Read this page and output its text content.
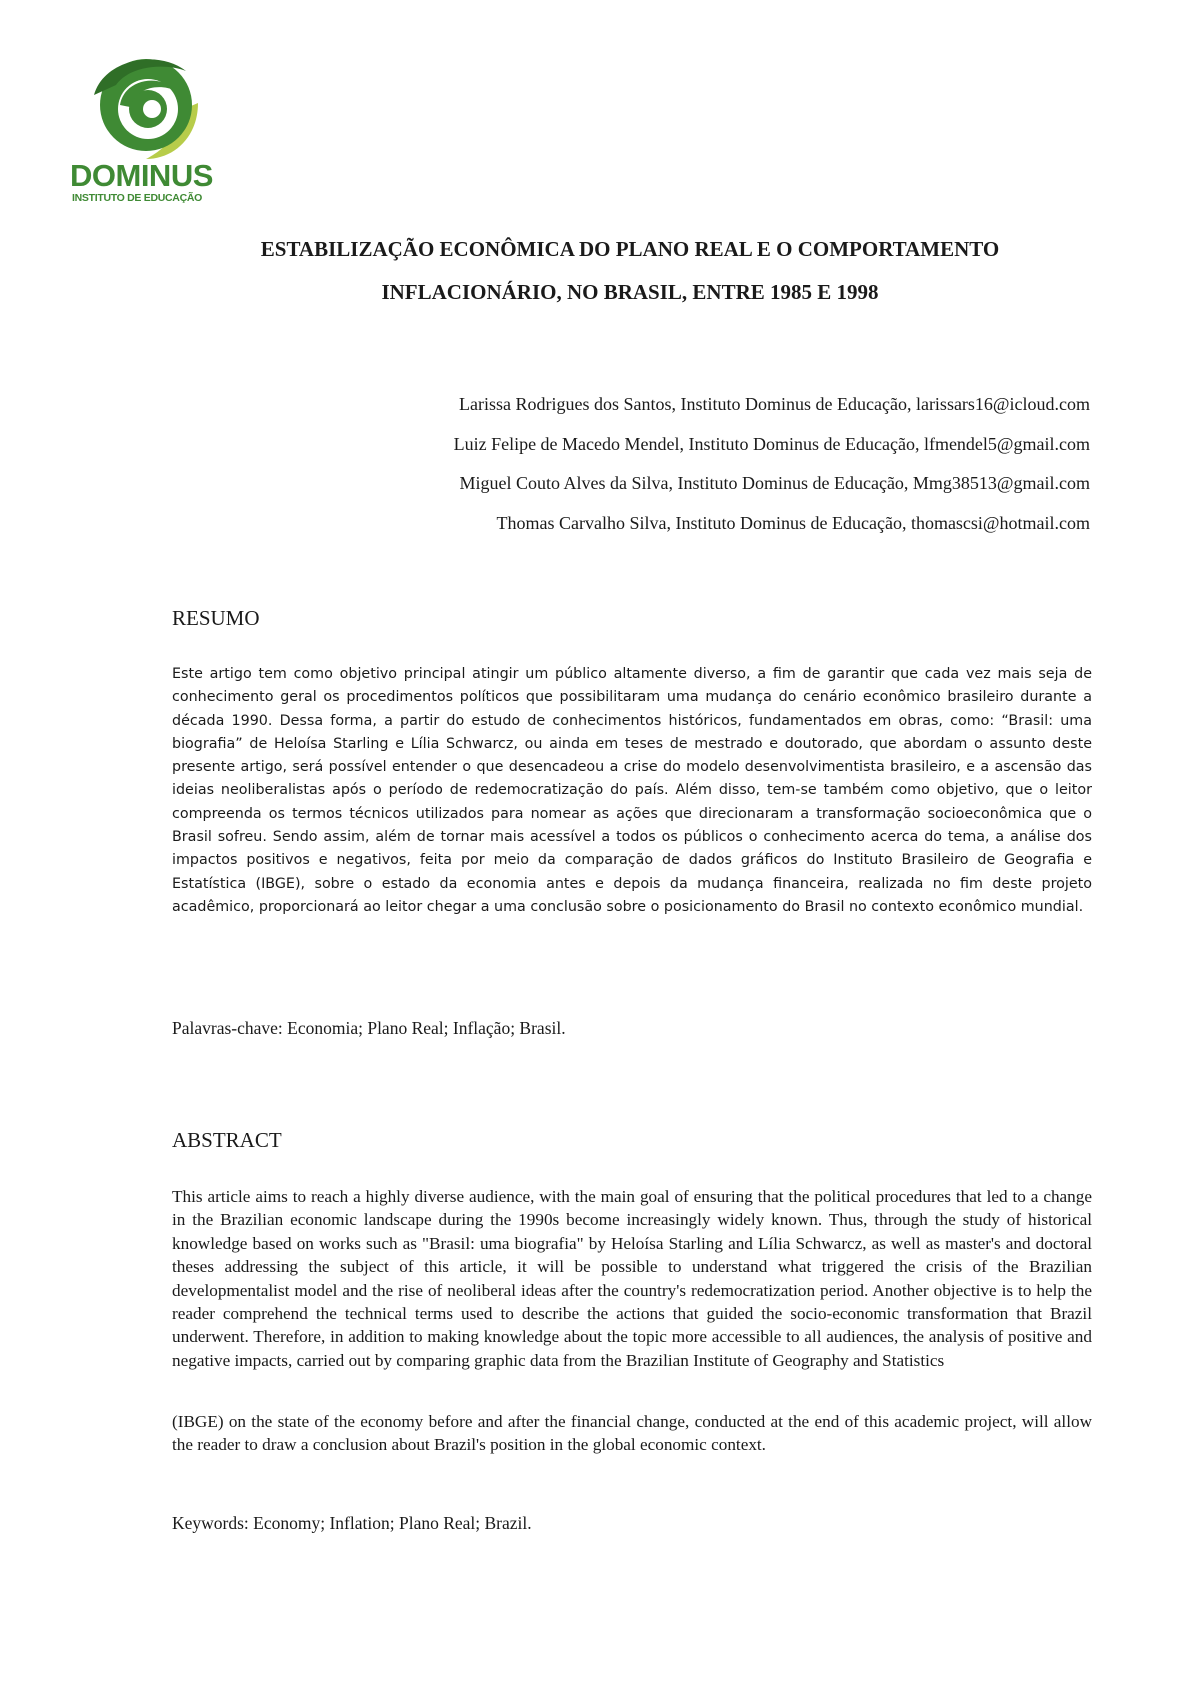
DOMINUS
INSTITUTO DE EDUCAÇÃO
ESTABILIZAÇÃO ECONÔMICA DO PLANO REAL E O COMPORTAMENTO
INFLACIONÁRIO, NO BRASIL, ENTRE 1985 E 1998
Larissa Rodrigues dos Santos, Instituto Dominus de Educação, larissars16@icloud.com
Luiz Felipe de Macedo Mendel, Instituto Dominus de Educação, lfmendel5@gmail.com
Miguel Couto Alves da Silva, Instituto Dominus de Educação, Mmg38513@gmail.com
Thomas Carvalho Silva, Instituto Dominus de Educação, thomascsi@hotmail.com
RESUMO

Este artigo tem como objetivo principal atingir um público altamente diverso, a fim de garantir que cada vez mais seja de conhecimento geral os procedimentos políticos que possibilitaram uma mudança do cenário econômico brasileiro durante a década 1990. Dessa forma, a partir do estudo de conhecimentos históricos, fundamentados em obras, como: “Brasil: uma biografia” de Heloísa Starling e Lília Schwarcz, ou ainda em teses de mestrado e doutorado, que abordam o assunto deste presente artigo, será possível entender o que desencadeou a crise do modelo desenvolvimentista brasileiro, e a ascensão das ideias neoliberalistas após o período de redemocratização do país. Além disso, tem-se também como objetivo, que o leitor compreenda os termos técnicos utilizados para nomear as ações que direcionaram a transformação socioeconômica que o Brasil sofreu. Sendo assim, além de tornar mais acessível a todos os públicos o conhecimento acerca do tema, a análise dos impactos positivos e negativos, feita por meio da comparação de dados gráficos do Instituto Brasileiro de Geografia e Estatística (IBGE), sobre o estado da economia antes e depois da mudança financeira, realizada no fim deste projeto acadêmico, proporcionará ao leitor chegar a uma conclusão sobre o posicionamento do Brasil no contexto econômico mundial.

Palavras-chave: Economia; Plano Real; Inflação; Brasil.
ABSTRACT

This article aims to reach a highly diverse audience, with the main goal of ensuring that the political procedures that led to a change in the Brazilian economic landscape during the 1990s become increasingly widely known. Thus, through the study of historical knowledge based on works such as "Brasil: uma biografia" by Heloísa Starling and Lília Schwarcz, as well as master's and doctoral theses addressing the subject of this article, it will be possible to understand what triggered the crisis of the Brazilian developmentalist model and the rise of neoliberal ideas after the country's redemocratization period. Another objective is to help the reader comprehend the technical terms used to describe the actions that guided the socio-economic transformation that Brazil underwent. Therefore, in addition to making knowledge about the topic more accessible to all audiences, the analysis of positive and negative impacts, carried out by comparing graphic data from the Brazilian Institute of Geography and Statistics

(IBGE) on the state of the economy before and after the financial change, conducted at the end of this academic project, will allow the reader to draw a conclusion about Brazil's position in the global economic context.

Keywords: Economy; Inflation; Plano Real; Brazil.
